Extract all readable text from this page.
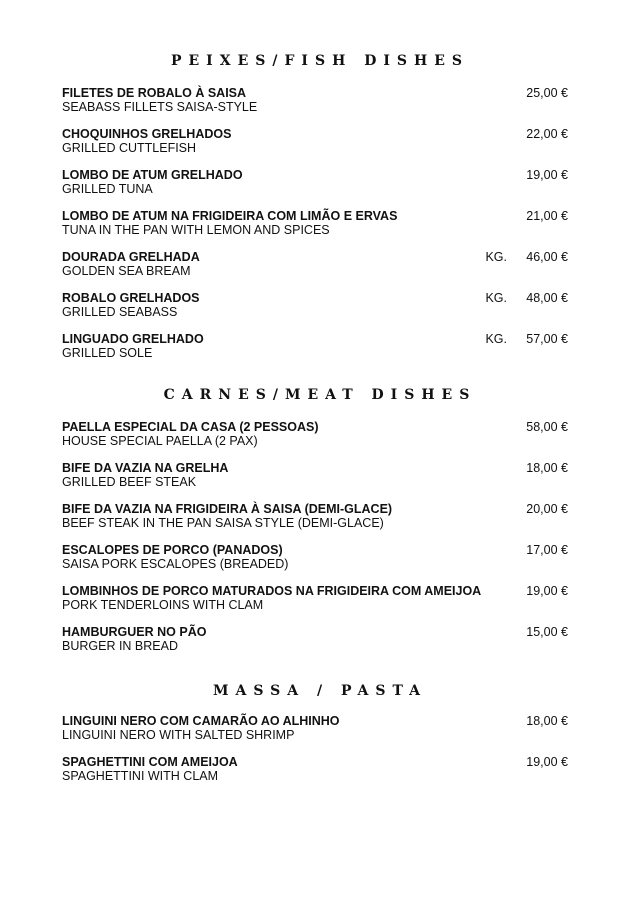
PEIXES/FISH DISHES
FILETES DE ROBALO À SAISA
SEABASS FILLETS SAISA-STYLE
25,00 €
CHOQUINHOS GRELHADOS
GRILLED CUTTLEFISH
22,00 €
LOMBO DE ATUM GRELHADO
GRILLED TUNA
19,00 €
LOMBO DE ATUM NA FRIGIDEIRA COM LIMÃO E ERVAS
TUNA IN THE PAN WITH LEMON AND SPICES
21,00 €
DOURADA GRELHADA
GOLDEN SEA BREAM
KG. 46,00 €
ROBALO GRELHADOS
GRILLED SEABASS
KG. 48,00 €
LINGUADO GRELHADO
GRILLED SOLE
KG. 57,00 €
CARNES/MEAT DISHES
PAELLA ESPECIAL DA CASA (2 PESSOAS)
HOUSE SPECIAL PAELLA (2 PAX)
58,00 €
BIFE DA VAZIA NA GRELHA
GRILLED BEEF STEAK
18,00 €
BIFE DA VAZIA NA FRIGIDEIRA À SAISA (DEMI-GLACE)
BEEF STEAK IN THE PAN SAISA STYLE (DEMI-GLACE)
20,00 €
ESCALOPES DE PORCO (PANADOS)
SAISA PORK ESCALOPES (BREADED)
17,00 €
LOMBINHOS DE PORCO MATURADOS NA FRIGIDEIRA COM AMEIJOA
PORK TENDERLOINS WITH CLAM
19,00 €
HAMBURGUER NO PÃO
BURGER IN BREAD
15,00 €
MASSA / PASTA
LINGUINI NERO COM CAMARÃO AO ALHINHO
LINGUINI NERO WITH SALTED SHRIMP
18,00 €
SPAGHETTINI COM AMEIJOA
SPAGHETTINI WITH CLAM
19,00 €
